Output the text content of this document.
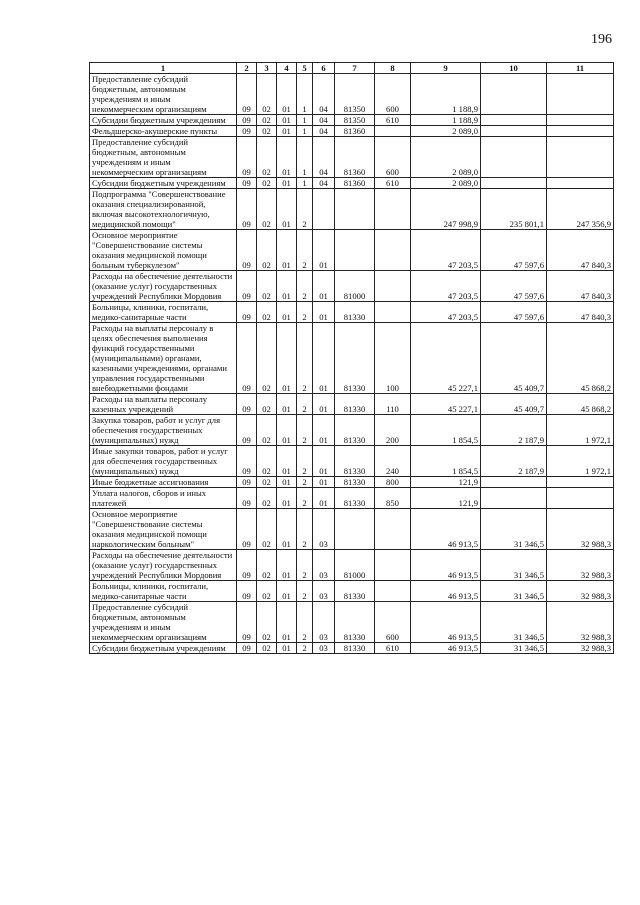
196
1	2	3	4	5	6	7	8	9	10	11
Предоставление субсидий бюджетным, автономным учреждениям и иным некоммерческим организациям	09	02	01	1	04	81350	600	1 188,9		
Субсидии бюджетным учреждениям	09	02	01	1	04	81350	610	1 188,9		
Фельдшерско-акушерские пункты	09	02	01	1	04	81360		2 089,0		
Предоставление субсидий бюджетным, автономным учреждениям и иным некоммерческим организациям	09	02	01	1	04	81360	600	2 089,0		
Субсидии бюджетным учреждениям	09	02	01	1	04	81360	610	2 089,0		
Подпрограмма "Совершенствование оказания специализированной, включая высокотехнологичную, медицинской помощи"	09	02	01	2				247 998,9	235 801,1	247 356,9
Основное мероприятие "Совершенствование системы оказания медицинской помощи больным туберкулезом"	09	02	01	2	01			47 203,5	47 597,6	47 840,3
Расходы на обеспечение деятельности (оказание услуг) государственных учреждений Республики Мордовия	09	02	01	2	01	81000		47 203,5	47 597,6	47 840,3
Больницы, клиники, госпитали, медико-санитарные части	09	02	01	2	01	81330		47 203,5	47 597,6	47 840,3
Расходы на выплаты персоналу в целях обеспечения выполнения функций государственными (муниципальными) органами, казенными учреждениями, органами управления государственными внебюджетными фондами	09	02	01	2	01	81330	100	45 227,1	45 409,7	45 868,2
Расходы на выплаты персоналу казенных учреждений	09	02	01	2	01	81330	110	45 227,1	45 409,7	45 868,2
Закупка товаров, работ и услуг для обеспечения государственных (муниципальных) нужд	09	02	01	2	01	81330	200	1 854,5	2 187,9	1 972,1
Иные закупки товаров, работ и услуг для обеспечения государственных (муниципальных) нужд	09	02	01	2	01	81330	240	1 854,5	2 187,9	1 972,1
Иные бюджетные ассигнования	09	02	01	2	01	81330	800	121,9		
Уплата налогов, сборов и иных платежей	09	02	01	2	01	81330	850	121,9		
Основное мероприятие "Совершенствование системы оказания медицинской помощи наркологическим больным"	09	02	01	2	03			46 913,5	31 346,5	32 988,3
Расходы на обеспечение деятельности (оказание услуг) государственных учреждений Республики Мордовия	09	02	01	2	03	81000		46 913,5	31 346,5	32 988,3
Больницы, клиники, госпитали, медико-санитарные части	09	02	01	2	03	81330		46 913,5	31 346,5	32 988,3
Предоставление субсидий бюджетным, автономным учреждениям и иным некоммерческим организациям	09	02	01	2	03	81330	600	46 913,5	31 346,5	32 988,3
Субсидии бюджетным учреждениям	09	02	01	2	03	81330	610	46 913,5	31 346,5	32 988,3
